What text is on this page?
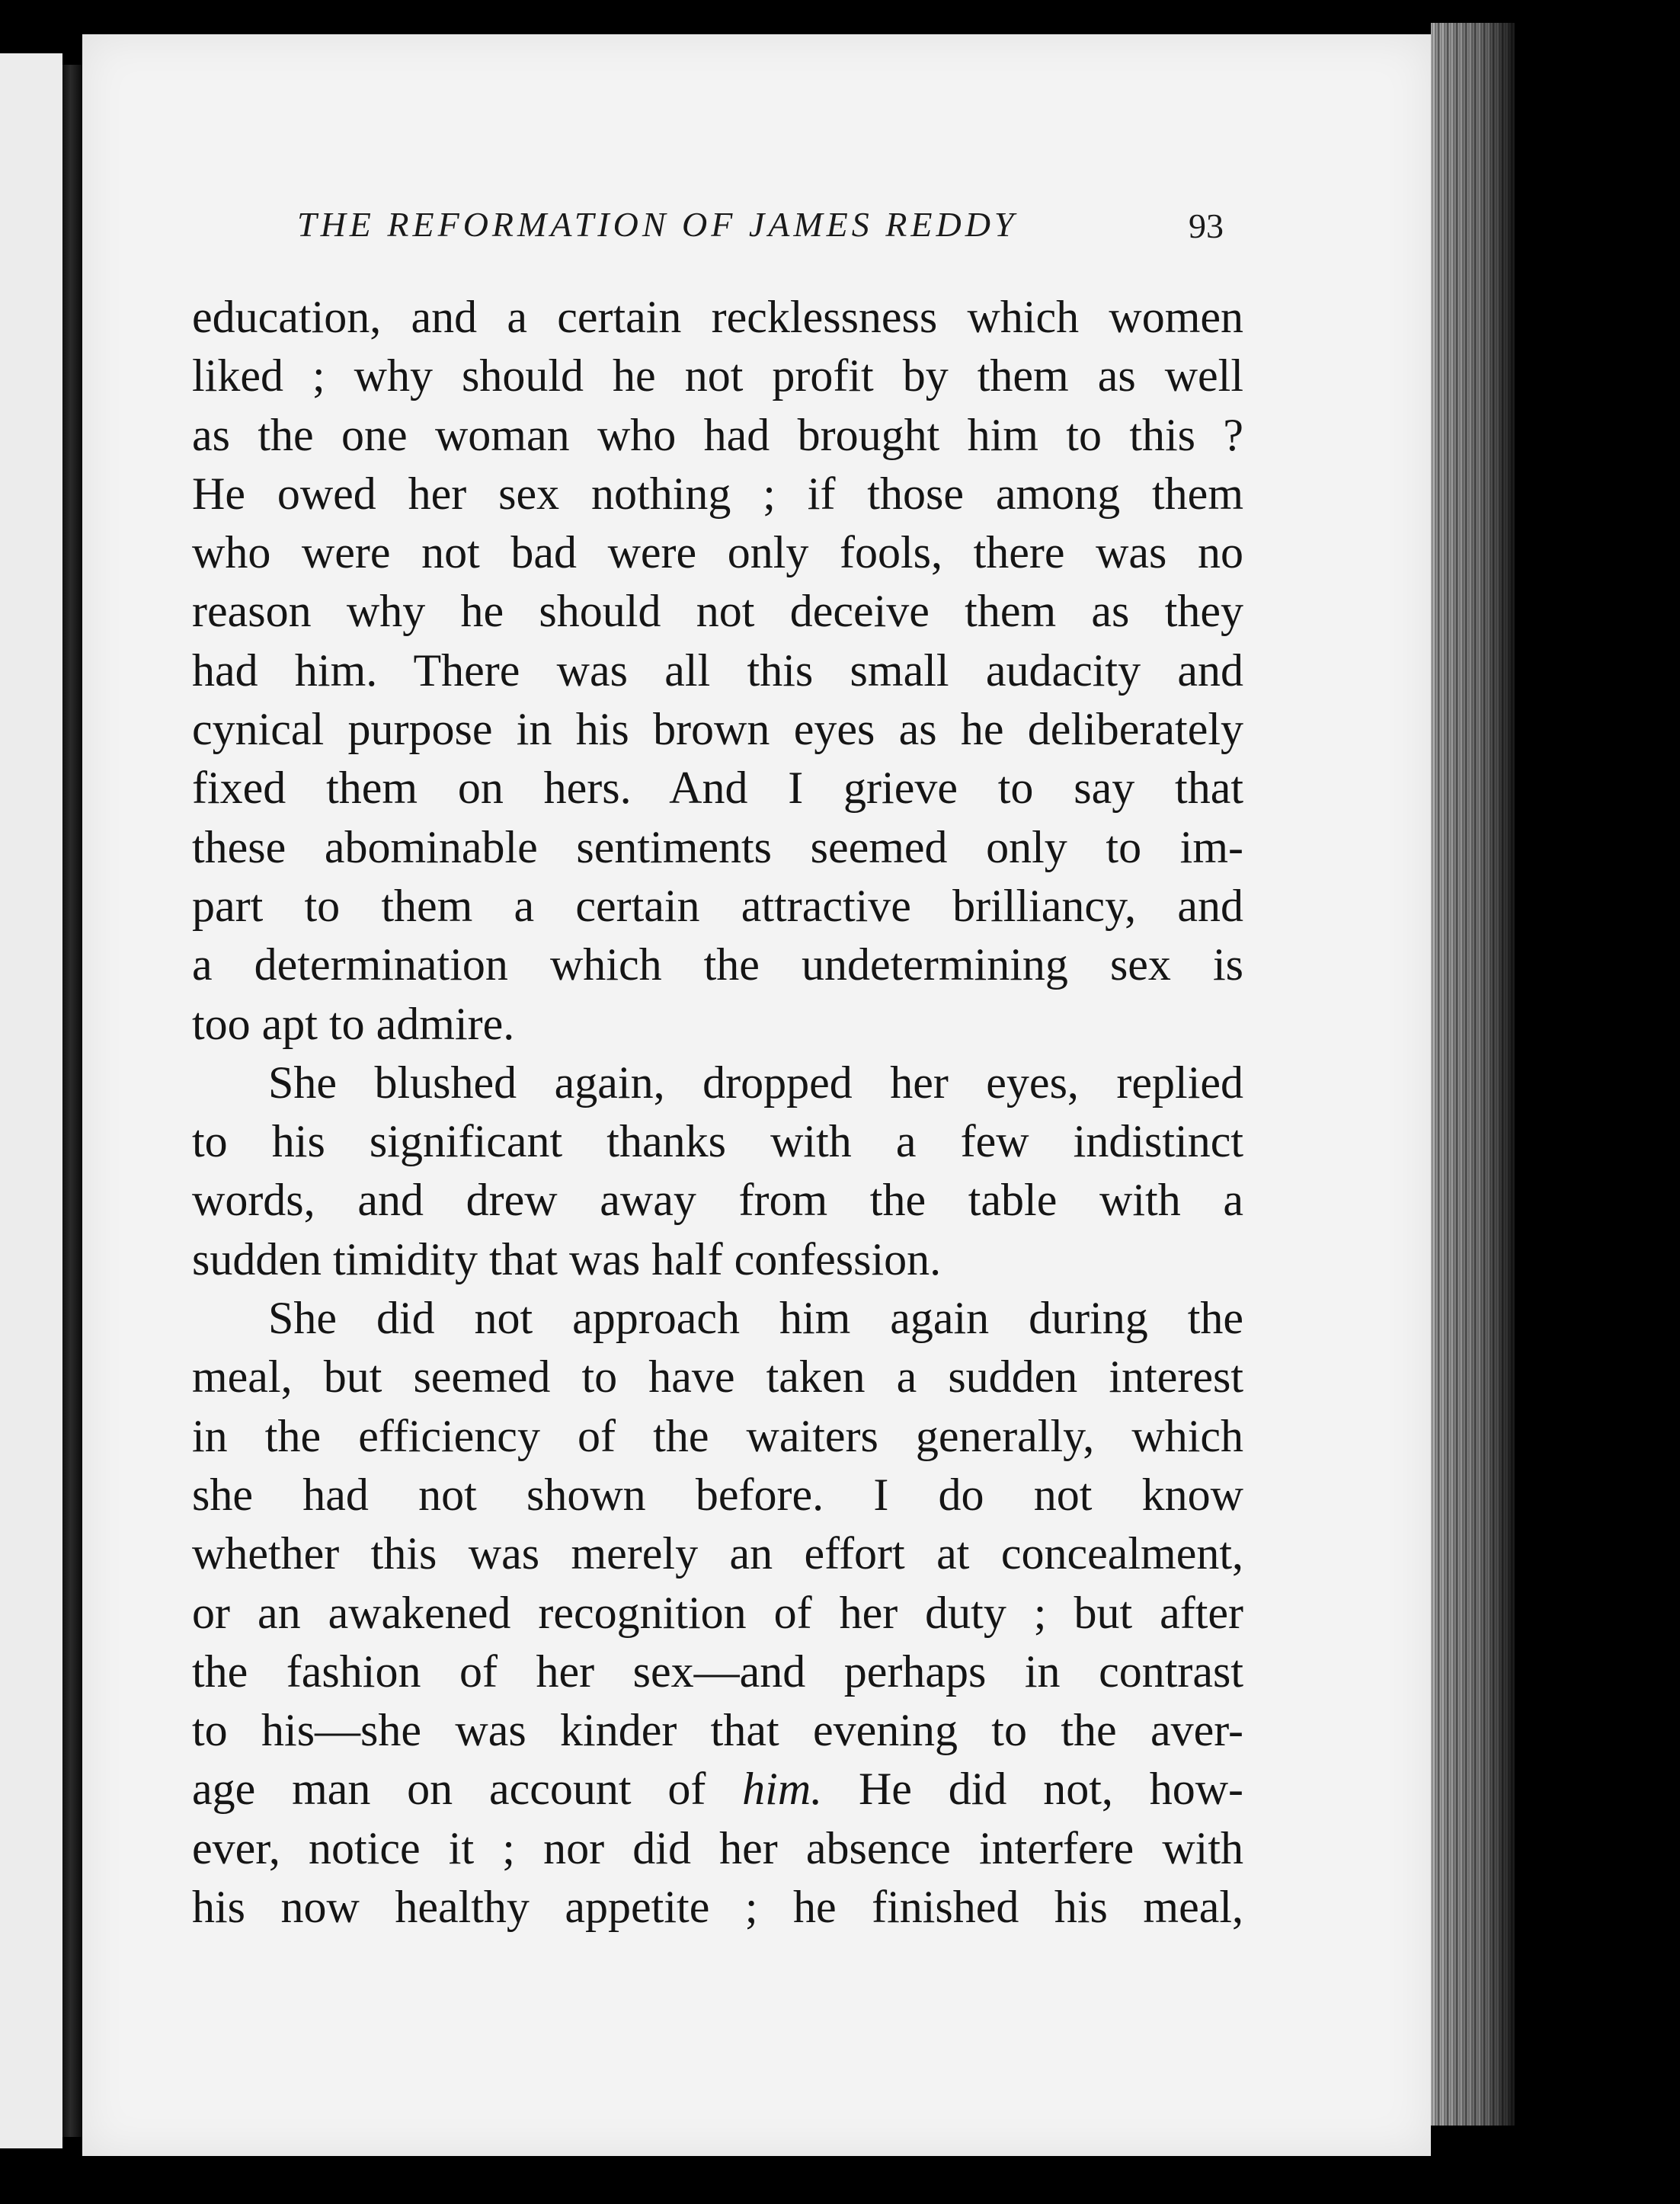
THE REFORMATION OF JAMES REDDY	93
education, and a certain recklessness which women
liked ; why should he not profit by them as well
as the one woman who had brought him to this ?
He owed her sex nothing ; if those among them
who were not bad were only fools, there was no
reason why he should not deceive them as they
had him. There was all this small audacity and
cynical purpose in his brown eyes as he deliberately
fixed them on hers. And I grieve to say that
these abominable sentiments seemed only to im-
part to them a certain attractive brilliancy, and
a determination which the undetermining sex is
too apt to admire.
She blushed again, dropped her eyes, replied
to his significant thanks with a few indistinct
words, and drew away from the table with a
sudden timidity that was half confession.
She did not approach him again during the
meal, but seemed to have taken a sudden interest
in the efficiency of the waiters generally, which
she had not shown before. I do not know
whether this was merely an effort at concealment,
or an awakened recognition of her duty ; but after
the fashion of her sex—and perhaps in contrast
to his—she was kinder that evening to the aver-
age man on account of him. He did not, how-
ever, notice it ; nor did her absence interfere with
his now healthy appetite ; he finished his meal,
